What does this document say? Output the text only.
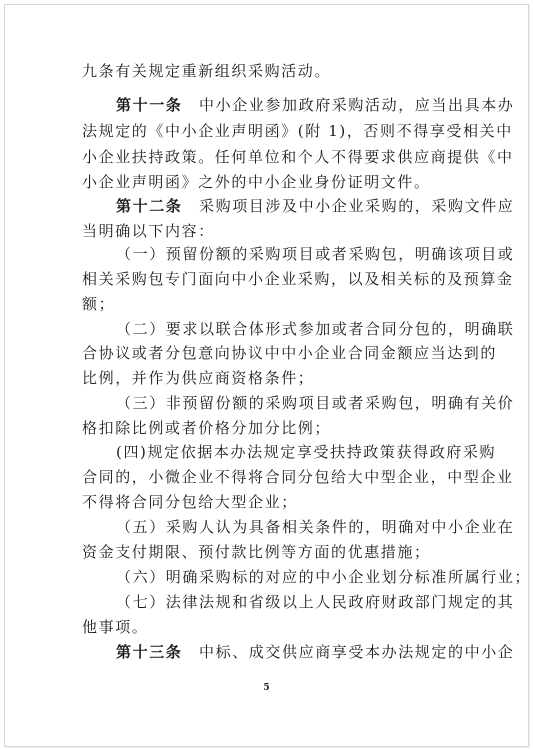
九条有关规定重新组织采购活动。
第十一条　中小企业参加政府采购活动，应当出具本办
法规定的《中小企业声明函》(附 1)，否则不得享受相关中
小企业扶持政策。任何单位和个人不得要求供应商提供《中
小企业声明函》之外的中小企业身份证明文件。
第十二条　采购项目涉及中小企业采购的，采购文件应
当明确以下内容：
（一）预留份额的采购项目或者采购包，明确该项目或
相关采购包专门面向中小企业采购，以及相关标的及预算金
额；
（二）要求以联合体形式参加或者合同分包的，明确联
合协议或者分包意向协议中中小企业合同金额应当达到的
比例，并作为供应商资格条件；
（三）非预留份额的采购项目或者采购包，明确有关价
格扣除比例或者价格分加分比例；
(四)规定依据本办法规定享受扶持政策获得政府采购
合同的，小微企业不得将合同分包给大中型企业，中型企业
不得将合同分包给大型企业；
（五）采购人认为具备相关条件的，明确对中小企业在
资金支付期限、预付款比例等方面的优惠措施；
（六）明确采购标的对应的中小企业划分标准所属行业；
（七）法律法规和省级以上人民政府财政部门规定的其
他事项。
第十三条　中标、成交供应商享受本办法规定的中小企
5
